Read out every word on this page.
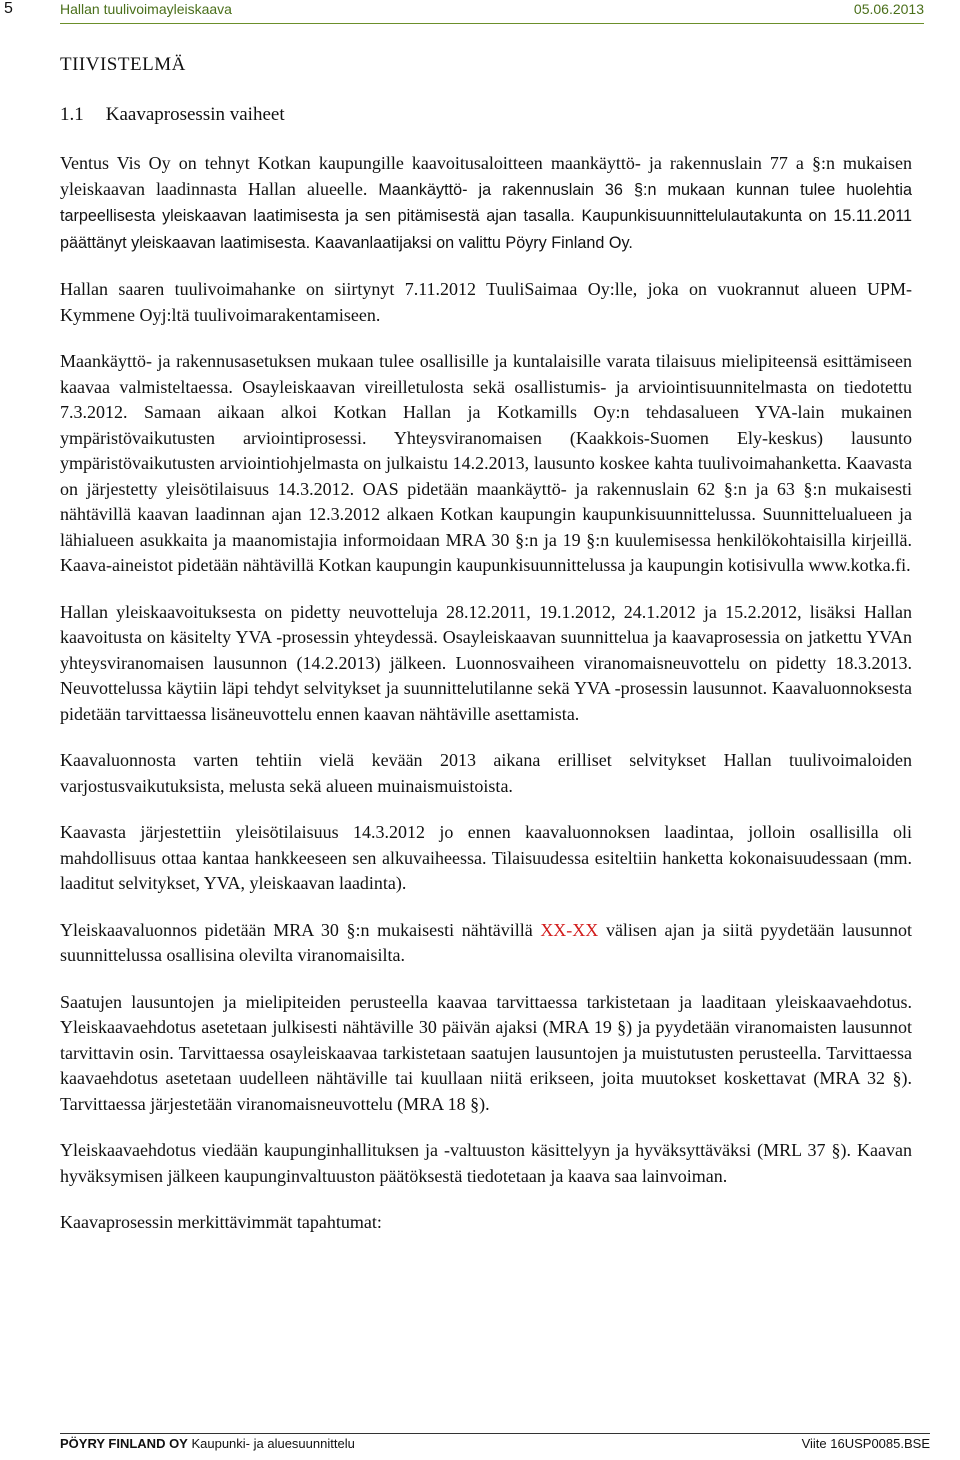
5	Hallan tuulivoimayleiskaava	05.06.2013
TIIVISTELMÄ
1.1 Kaavaprosessin vaiheet

Ventus Vis Oy on tehnyt Kotkan kaupungille kaavoitusaloitteen maankäyttö- ja rakennuslain 77 a §:n mukaisen yleiskaavan laadinnasta Hallan alueelle. Maankäyttö- ja rakennuslain 36 §:n mukaan kunnan tulee huolehtia tarpeellisesta yleiskaavan laatimisesta ja sen pitämisestä ajan tasalla. Kaupunkisuunnittelulautakunta on 15.11.2011 päättänyt yleiskaavan laatimisesta. Kaavanlaatijaksi on valittu Pöyry Finland Oy.

Hallan saaren tuulivoimahanke on siirtynyt 7.11.2012 TuuliSaimaa Oy:lle, joka on vuokrannut alueen UPM- Kymmene Oyj:ltä tuulivoimarakentamiseen.

Maankäyttö- ja rakennusasetuksen mukaan tulee osallisille ja kuntalaisille varata tilaisuus mielipiteensä esittämiseen kaavaa valmisteltaessa. Osayleiskaavan vireilletulosta sekä osallistumis- ja arviointisuunnitelmasta on tiedotettu 7.3.2012. Samaan aikaan alkoi Kotkan Hallan ja Kotkamills Oy:n tehdasalueen YVA-lain mukainen ympäristövaikutusten arviointiprosessi. Yhteysviranomaisen (Kaakkois-Suomen Ely-keskus) lausunto ympäristövaikutusten arviointiohjelmasta on julkaistu 14.2.2013, lausunto koskee kahta tuulivoimahanketta. Kaavasta on järjestetty yleisötilaisuus 14.3.2012. OAS pidetään maankäyttö- ja rakennuslain 62 §:n ja 63 §:n mukaisesti nähtävillä kaavan laadinnan ajan 12.3.2012 alkaen Kotkan kaupungin kaupunkisuunnittelussa. Suunnittelualueen ja lähialueen asukkaita ja maanomistajia informoidaan MRA 30 §:n ja 19 §:n kuulemisessa henkilökohtaisilla kirjeillä. Kaava-aineistot pidetään nähtävillä Kotkan kaupungin kaupunkisuunnittelussa ja kaupungin kotisivulla www.kotka.fi.

Hallan yleiskaavoituksesta on pidetty neuvotteluja 28.12.2011, 19.1.2012, 24.1.2012 ja 15.2.2012, lisäksi Hallan kaavoitusta on käsitelty YVA -prosessin yhteydessä. Osayleiskaavan suunnittelua ja kaavaprosessia on jatkettu YVAn yhteysviranomaisen lausunnon (14.2.2013) jälkeen. Luonnosvaiheen viranomaisneuvottelu on pidetty 18.3.2013. Neuvottelussa käytiin läpi tehdyt selvitykset ja suunnittelutilanne sekä YVA -prosessin lausunnot. Kaavaluonnoksesta pidetään tarvittaessa lisäneuvottelu ennen kaavan nähtäville asettamista.

Kaavaluonnosta varten tehtiin vielä kevään 2013 aikana erilliset selvitykset Hallan tuulivoimaloiden varjostusvaikutuksista, melusta sekä alueen muinaismuistoista.

Kaavasta järjestettiin yleisötilaisuus 14.3.2012 jo ennen kaavaluonnoksen laadintaa, jolloin osallisilla oli mahdollisuus ottaa kantaa hankkeeseen sen alkuvaiheessa. Tilaisuudessa esiteltiin hanketta kokonaisuudessaan (mm. laaditut selvitykset, YVA, yleiskaavan laadinta).

Yleiskaavaluonnos pidetään MRA 30 §:n mukaisesti nähtävillä XX-XX välisen ajan ja siitä pyydetään lausunnot suunnittelussa osallisina olevilta viranomaisilta.

Saatujen lausuntojen ja mielipiteiden perusteella kaavaa tarvittaessa tarkistetaan ja laaditaan yleiskaavaehdotus. Yleiskaavaehdotus asetetaan julkisesti nähtäville 30 päivän ajaksi (MRA 19 §) ja pyydetään viranomaisten lausunnot tarvittavin osin. Tarvittaessa osayleiskaavaa tarkistetaan saatujen lausuntojen ja muistutusten perusteella. Tarvittaessa kaavaehdotus asetetaan uudelleen nähtäville tai kuullaan niitä erikseen, joita muutokset koskettavat (MRA 32 §). Tarvittaessa järjestetään viranomaisneuvottelu (MRA 18 §).

Yleiskaavaehdotus viedään kaupunginhallituksen ja -valtuuston käsittelyyn ja hyväksyttäväksi (MRL 37 §). Kaavan hyväksymisen jälkeen kaupunginvaltuuston päätöksestä tiedotetaan ja kaava saa lainvoiman.

Kaavaprosessin merkittävimmät tapahtumat:

PÖYRY FINLAND OY Kaupunki- ja aluesuunnittelu	Viite 16USP0085.BSE
